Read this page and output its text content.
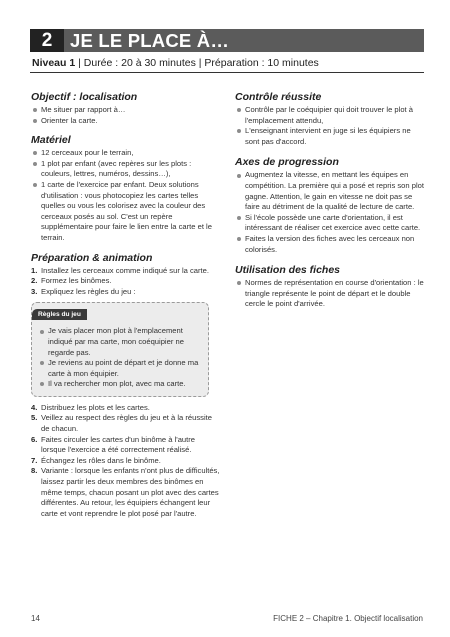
2 JE LE PLACE À…
Niveau 1 | Durée : 20 à 30 minutes | Préparation : 10 minutes
Objectif : localisation
Me situer par rapport à…
Orienter la carte.
Matériel
12 cerceaux pour le terrain,
1 plot par enfant (avec repères sur les plots : couleurs, lettres, numéros, dessins…),
1 carte de l'exercice par enfant. Deux solutions d'utilisation : vous photocopiez les cartes telles quelles ou vous les colorisez avec la couleur des cerceaux posés au sol. C'est un repère supplémentaire pour faire le lien entre la carte et le terrain.
Préparation & animation
1. Installez les cerceaux comme indiqué sur la carte.
2. Formez les binômes.
3. Expliquez les règles du jeu :
Règles du jeu
Je vais placer mon plot à l'emplacement indiqué par ma carte, mon coéquipier ne regarde pas.
Je reviens au point de départ et je donne ma carte à mon équipier.
Il va rechercher mon plot, avec ma carte.
4. Distribuez les plots et les cartes.
5. Veillez au respect des règles du jeu et à la réussite de chacun.
6. Faites circuler les cartes d'un binôme à l'autre lorsque l'exercice a été correctement réalisé.
7. Échangez les rôles dans le binôme.
8. Variante : lorsque les enfants n'ont plus de difficultés, laissez partir les deux membres des binômes en même temps, chacun posant un plot avec des cartes différentes. Au retour, les équipiers échangent leur carte et vont reprendre le plot posé par l'autre.
Contrôle réussite
Contrôle par le coéquipier qui doit trouver le plot à l'emplacement attendu,
L'enseignant intervient en juge si les équipiers ne sont pas d'accord.
Axes de progression
Augmentez la vitesse, en mettant les équipes en compétition. La première qui a posé et repris son plot gagne. Attention, le gain en vitesse ne doit pas se faire au détriment de la qualité de lecture de carte.
Si l'école possède une carte d'orientation, il est intéressant de réaliser cet exercice avec cette carte.
Faites la version des fiches avec les cerceaux non colorisés.
Utilisation des fiches
Normes de représentation en course d'orientation : le triangle représente le point de départ et le double cercle le point d'arrivée.
14	FICHE 2 – Chapitre 1. Objectif localisation
